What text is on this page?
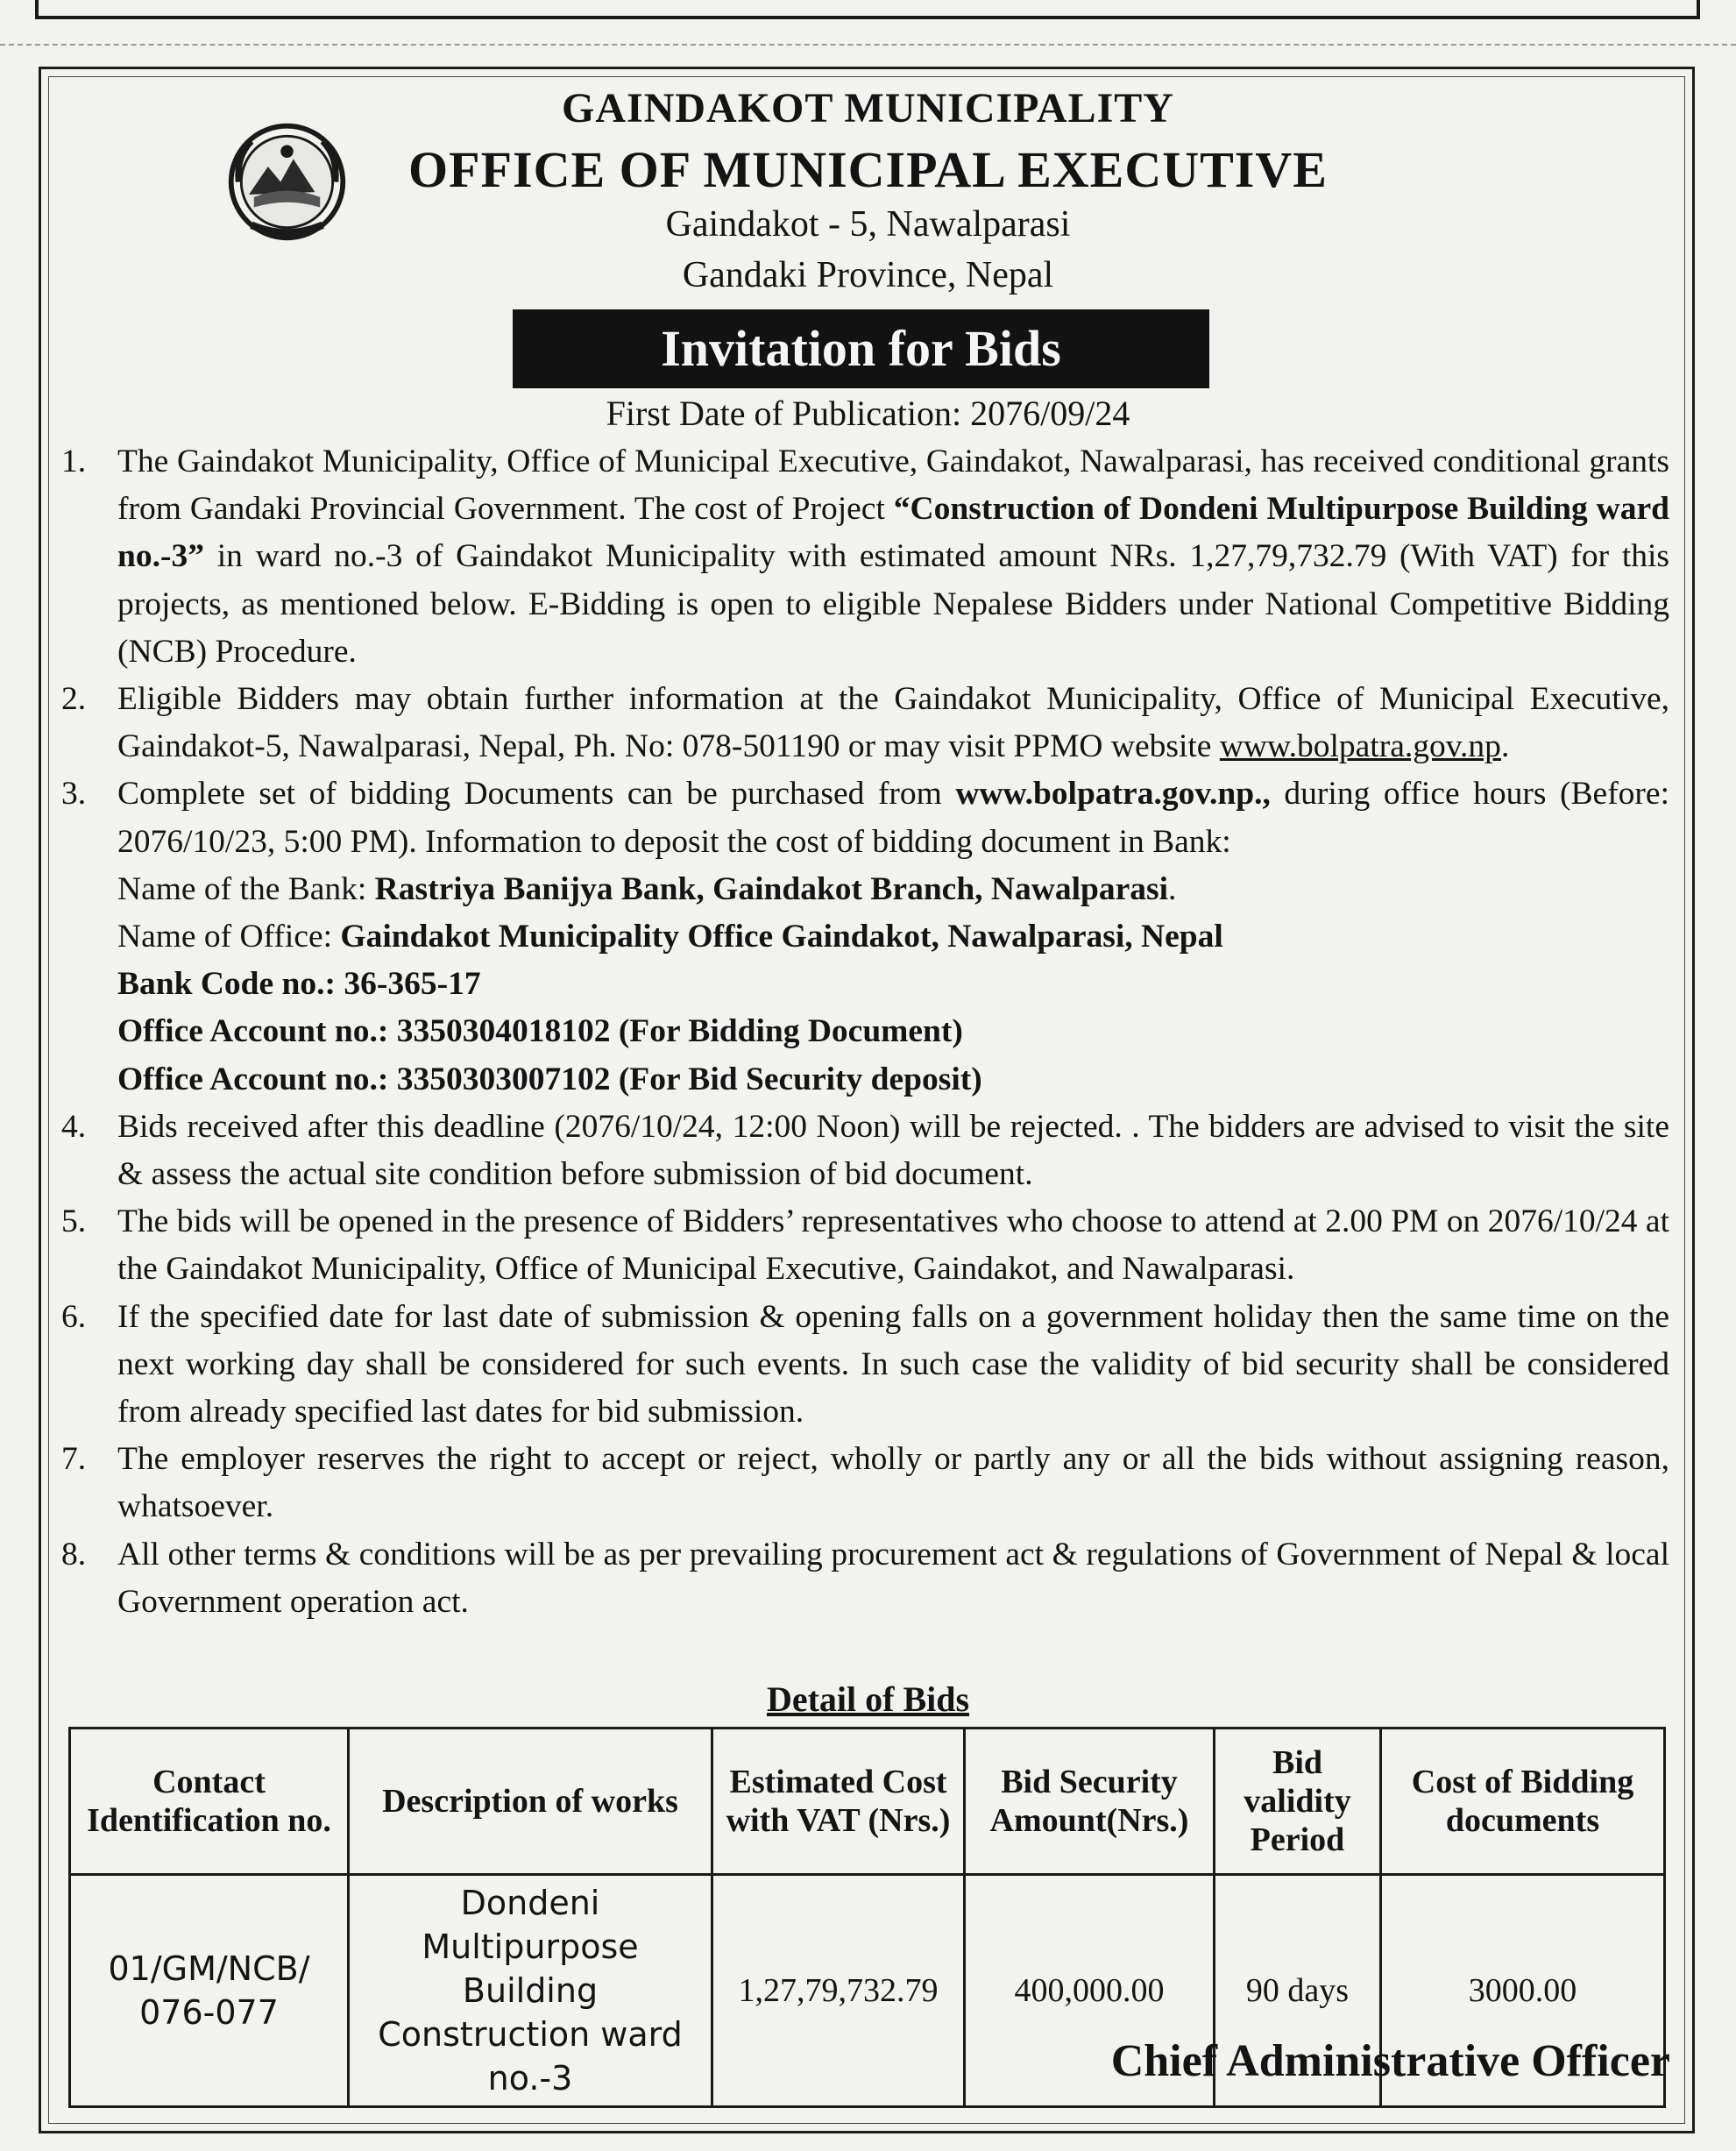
GAINDAKOT MUNICIPALITY
OFFICE OF MUNICIPAL EXECUTIVE
Gaindakot - 5, Nawalparasi
Gandaki Province, Nepal
Invitation for Bids
First Date of Publication: 2076/09/24

1. The Gaindakot Municipality, Office of Municipal Executive, Gaindakot, Nawalparasi, has received conditional grants from Gandaki Provincial Government. The cost of Project “Construction of Dondeni Multipurpose Building ward no.-3” in ward no.-3 of Gaindakot Municipality with estimated amount NRs. 1,27,79,732.79 (With VAT) for this projects, as mentioned below. E-Bidding is open to eligible Nepalese Bidders under National Competitive Bidding (NCB) Procedure.

2. Eligible Bidders may obtain further information at the Gaindakot Municipality, Office of Municipal Executive, Gaindakot-5, Nawalparasi, Nepal, Ph. No: 078-501190 or may visit PPMO website www.bolpatra.gov.np.

3. Complete set of bidding Documents can be purchased from www.bolpatra.gov.np., during office hours (Before: 2076/10/23, 5:00 PM). Information to deposit the cost of bidding document in Bank:
Name of the Bank: Rastriya Banijya Bank, Gaindakot Branch, Nawalparasi.
Name of Office: Gaindakot Municipality Office Gaindakot, Nawalparasi, Nepal
Bank Code no.: 36-365-17
Office Account no.: 3350304018102 (For Bidding Document)
Office Account no.: 3350303007102 (For Bid Security deposit)

4. Bids received after this deadline (2076/10/24, 12:00 Noon) will be rejected. . The bidders are advised to visit the site & assess the actual site condition before submission of bid document.

5. The bids will be opened in the presence of Bidders’ representatives who choose to attend at 2.00 PM on 2076/10/24 at the Gaindakot Municipality, Office of Municipal Executive, Gaindakot, and Nawalparasi.

6. If the specified date for last date of submission & opening falls on a government holiday then the same time on the next working day shall be considered for such events. In such case the validity of bid security shall be considered from already specified last dates for bid submission.

7. The employer reserves the right to accept or reject, wholly or partly any or all the bids without assigning reason, whatsoever.

8. All other terms & conditions will be as per prevailing procurement act & regulations of Government of Nepal & local Government operation act.

Detail of Bids
Contact Identification no.	Description of works	Estimated Cost with VAT (Nrs.)	Bid Security Amount(Nrs.)	Bid validity Period	Cost of Bidding documents
01/GM/NCB/ 076-077	Dondeni Multipurpose Building Construction ward no.-3	1,27,79,732.79	400,000.00	90 days	3000.00
Chief Administrative Officer
